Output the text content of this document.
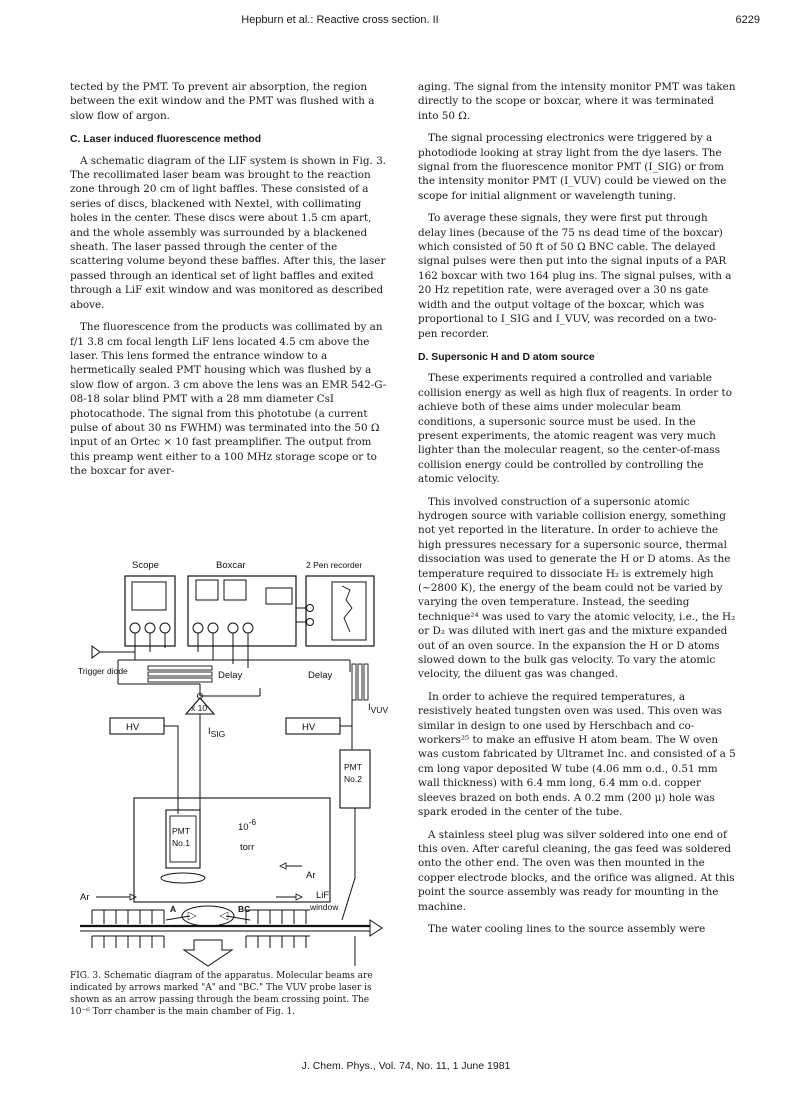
Hepburn et al.: Reactive cross section. II	6229

tected by the PMT. To prevent air absorption, the region between the exit window and the PMT was flushed with a slow flow of argon.

C. Laser induced fluorescence method

A schematic diagram of the LIF system is shown in Fig. 3. The recollimated laser beam was brought to the reaction zone through 20 cm of light baffles. These consisted of a series of discs, blackened with Nextel, with collimating holes in the center. These discs were about 1.5 cm apart, and the whole assembly was surrounded by a blackened sheath. The laser passed through the center of the scattering volume beyond these baffles. After this, the laser passed through an identical set of light baffles and exited through a LiF exit window and was monitored as described above.

The fluorescence from the products was collimated by an f/1 3.8 cm focal length LiF lens located 4.5 cm above the laser. This lens formed the entrance window to a hermetically sealed PMT housing which was flushed by a slow flow of argon. 3 cm above the lens was an EMR 542-G-08-18 solar blind PMT with a 28 mm diameter CsI photocathode. The signal from this phototube (a current pulse of about 30 ns FWHM) was terminated into the 50 Ω input of an Ortec × 10 fast preamplifier. The output from this preamp went either to a 100 MHz storage scope or to the boxcar for aver-

Scope	Boxcar	2 Pen recorder
Trigger diode	Delay	Delay
x 10
HV	ISIG
HV
IVUV
PMT
No.2
PMT
No.1
10-6
torr
Ar
Ar	LiF
window
A	BC
FIG. 3. Schematic diagram of the apparatus. Molecular beams are indicated by arrows marked "A" and "BC." The VUV probe laser is shown as an arrow passing through the beam crossing point. The 10⁻⁶ Torr chamber is the main chamber of Fig. 1.

aging. The signal from the intensity monitor PMT was taken directly to the scope or boxcar, where it was terminated into 50 Ω.

The signal processing electronics were triggered by a photodiode looking at stray light from the dye lasers. The signal from the fluorescence monitor PMT (I_SIG) or from the intensity monitor PMT (I_VUV) could be viewed on the scope for initial alignment or wavelength tuning.

To average these signals, they were first put through delay lines (because of the 75 ns dead time of the boxcar) which consisted of 50 ft of 50 Ω BNC cable. The delayed signal pulses were then put into the signal inputs of a PAR 162 boxcar with two 164 plug ins. The signal pulses, with a 20 Hz repetition rate, were averaged over a 30 ns gate width and the output voltage of the boxcar, which was proportional to I_SIG and I_VUV, was recorded on a two-pen recorder.

D. Supersonic H and D atom source

These experiments required a controlled and variable collision energy as well as high flux of reagents. In order to achieve both of these aims under molecular beam conditions, a supersonic source must be used. In the present experiments, the atomic reagent was very much lighter than the molecular reagent, so the center-of-mass collision energy could be controlled by controlling the atomic velocity.

This involved construction of a supersonic atomic hydrogen source with variable collision energy, something not yet reported in the literature. In order to achieve the high pressures necessary for a supersonic source, thermal dissociation was used to generate the H or D atoms. As the temperature required to dissociate H₂ is extremely high (~2800 K), the energy of the beam could not be varied by varying the oven temperature. Instead, the seeding technique²⁴ was used to vary the atomic velocity, i.e., the H₂ or D₂ was diluted with inert gas and the mixture expanded out of an oven source. In the expansion the H or D atoms slowed down to the bulk gas velocity. To vary the atomic velocity, the diluent gas was changed.

In order to achieve the required temperatures, a resistively heated tungsten oven was used. This oven was similar in design to one used by Herschbach and co-workers²⁵ to make an effusive H atom beam. The W oven was custom fabricated by Ultramet Inc. and consisted of a 5 cm long vapor deposited W tube (4.06 mm o.d., 0.51 mm wall thickness) with 6.4 mm long, 6.4 mm o.d. copper sleeves brazed on both ends. A 0.2 mm (200 μ) hole was spark eroded in the center of the tube.

A stainless steel plug was silver soldered into one end of this oven. After careful cleaning, the gas feed was soldered onto the other end. The oven was then mounted in the copper electrode blocks, and the orifice was aligned. At this point the source assembly was ready for mounting in the machine.

The water cooling lines to the source assembly were

J. Chem. Phys., Vol. 74, No. 11, 1 June 1981
